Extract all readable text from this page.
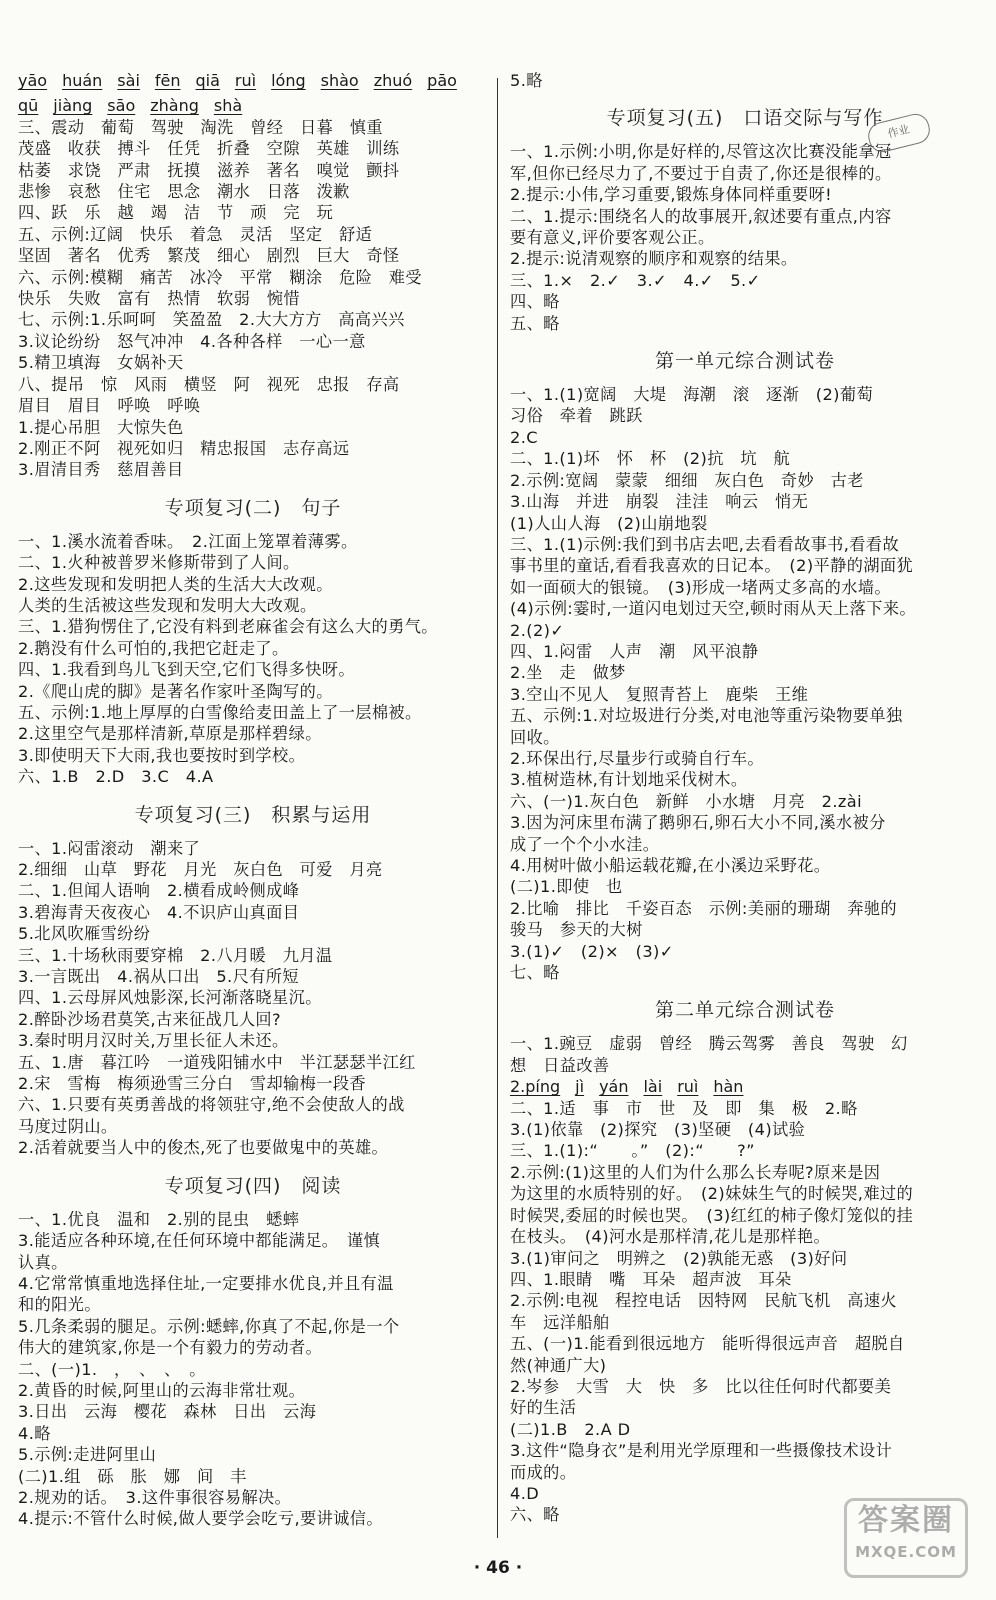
yāo huán sài fēn qiā ruì lóng shào zhuó pāo
qū jiàng sāo zhàng shà
三、震动　葡萄　驾驶　淘洗　曾经　日暮　慎重
茂盛　收获　搏斗　任凭　折叠　空隙　英雄　训练
枯萎　求饶　严肃　抚摸　滋养　著名　嗅觉　颤抖
悲惨　哀愁　住宅　思念　潮水　日落　泼歉
四、跃　乐　越　竭　洁　节　顽　完　玩
五、示例:辽阔　快乐　着急　灵活　坚定　舒适
坚固　著名　优秀　繁茂　细心　剧烈　巨大　奇怪
六、示例:模糊　痛苦　冰冷　平常　糊涂　危险　难受
快乐　失败　富有　热情　软弱　惋惜
七、示例:1.乐呵呵　笑盈盈　2.大大方方　高高兴兴
3.议论纷纷　怒气冲冲　4.各种各样　一心一意
5.精卫填海　女娲补天
八、提吊　惊　风雨　横竖　阿　视死　忠报　存高
眉目　眉目　呼唤　呼唤
1.提心吊胆　大惊失色
2.刚正不阿　视死如归　精忠报国　志存高远
3.眉清目秀　慈眉善目
专项复习(二)　句子
一、1.溪水流着香味。　2.江面上笼罩着薄雾。
二、1.火种被普罗米修斯带到了人间。
2.这些发现和发明把人类的生活大大改观。
人类的生活被这些发现和发明大大改观。
三、1.猎狗愣住了,它没有料到老麻雀会有这么大的勇气。
2.鹅没有什么可怕的,我把它赶走了。
四、1.我看到鸟儿飞到天空,它们飞得多快呀。
2.《爬山虎的脚》是著名作家叶圣陶写的。
五、示例:1.地上厚厚的白雪像给麦田盖上了一层棉被。
2.这里空气是那样清新,草原是那样碧绿。
3.即使明天下大雨,我也要按时到学校。
六、1.B　2.D　3.C　4.A
专项复习(三)　积累与运用
一、1.闷雷滚动　潮来了
2.细细　山草　野花　月光　灰白色　可爱　月亮
二、1.但闻人语响　2.横看成岭侧成峰
3.碧海青天夜夜心　4.不识庐山真面目
5.北风吹雁雪纷纷
三、1.十场秋雨要穿棉　2.八月暖　九月温
3.一言既出　4.祸从口出　5.尺有所短
四、1.云母屏风烛影深,长河渐落晓星沉。
2.醉卧沙场君莫笑,古来征战几人回?
3.秦时明月汉时关,万里长征人未还。
五、1.唐　暮江吟　一道残阳铺水中　半江瑟瑟半江红
2.宋　雪梅　梅须逊雪三分白　雪却输梅一段香
六、1.只要有英勇善战的将领驻守,绝不会使敌人的战
马度过阴山。
2.活着就要当人中的俊杰,死了也要做鬼中的英雄。
专项复习(四)　阅读
一、1.优良　温和　2.别的昆虫　蟋蟀
3.能适应各种环境,在任何环境中都能满足。　谨慎
认真。
4.它常常慎重地选择住址,一定要排水优良,并且有温
和的阳光。
5.几条柔弱的腿足。示例:蟋蟀,你真了不起,你是一个
伟大的建筑家,你是一个有毅力的劳动者。
二、(一)1.　，　、　、　。
2.黄昏的时候,阿里山的云海非常壮观。
3.日出　云海　樱花　森林　日出　云海
4.略
5.示例:走进阿里山
(二)1.组　砾　胀　娜　间　丰
2.规劝的话。　3.这件事很容易解决。
4.提示:不管什么时候,做人要学会吃亏,要讲诚信。
5.略
专项复习(五)　口语交际与写作
一、1.示例:小明,你是好样的,尽管这次比赛没能拿冠
军,但你已经尽力了,不要过于自责了,你还是很棒的。
2.提示:小伟,学习重要,锻炼身体同样重要呀!
二、1.提示:围绕名人的故事展开,叙述要有重点,内容
要有意义,评价要客观公正。
2.提示:说清观察的顺序和观察的结果。
三、1.×　2.✓　3.✓　4.✓　5.✓
四、略
五、略
第一单元综合测试卷
一、1.(1)宽阔　大堤　海潮　滚　逐渐　(2)葡萄
习俗　牵着　跳跃
2.C
二、1.(1)坏　怀　杯　(2)抗　坑　航
2.示例:宽阔　蒙蒙　细细　灰白色　奇妙　古老
3.山海　并进　崩裂　洼洼　响云　悄无
(1)人山人海　(2)山崩地裂
三、1.(1)示例:我们到书店去吧,去看看故事书,看看故
事书里的童话,看看我喜欢的日记本。　(2)平静的湖面犹
如一面硕大的银镜。　(3)形成一堵两丈多高的水墙。
(4)示例:霎时,一道闪电划过天空,顿时雨从天上落下来。
2.(2)✓
四、1.闷雷　人声　潮　风平浪静
2.坐　走　做梦
3.空山不见人　复照青苔上　鹿柴　王维
五、示例:1.对垃圾进行分类,对电池等重污染物要单独
回收。
2.环保出行,尽量步行或骑自行车。
3.植树造林,有计划地采伐树木。
六、(一)1.灰白色　新鲜　小水塘　月亮　2.zài
3.因为河床里布满了鹅卵石,卵石大小不同,溪水被分
成了一个个小水洼。
4.用树叶做小船运载花瓣,在小溪边采野花。
(二)1.即使　也
2.比喻　排比　千姿百态　示例:美丽的珊瑚　奔驰的
骏马　参天的大树
3.(1)✓　(2)×　(3)✓
七、略
第二单元综合测试卷
一、1.豌豆　虚弱　曾经　腾云驾雾　善良　驾驶　幻
想　日益改善
2.píng jì yán lài ruì hàn
二、1.适　事　市　世　及　即　集　极　2.略
3.(1)依靠　(2)探究　(3)坚硬　(4)试验
三、1.(1):“　　。”　(2):“　　?”
2.示例:(1)这里的人们为什么那么长寿呢?原来是因
为这里的水质特别的好。　(2)妹妹生气的时候哭,难过的
时候哭,委屈的时候也哭。　(3)红红的柿子像灯笼似的挂
在枝头。　(4)河水是那样清,花儿是那样艳。
3.(1)审问之　明辨之　(2)孰能无惑　(3)好问
四、1.眼睛　嘴　耳朵　超声波　耳朵
2.示例:电视　程控电话　因特网　民航飞机　高速火
车　远洋船舶
五、(一)1.能看到很远地方　能听得很远声音　超脱自
然(神通广大)
2.岑参　大雪　大　快　多　比以往任何时代都要美
好的生活
(二)1.B　2.A D
3.这件“隐身衣”是利用光学原理和一些摄像技术设计
而成的。
4.D
六、略
作业
· 46 ·
答案圈
MXQE.COM
